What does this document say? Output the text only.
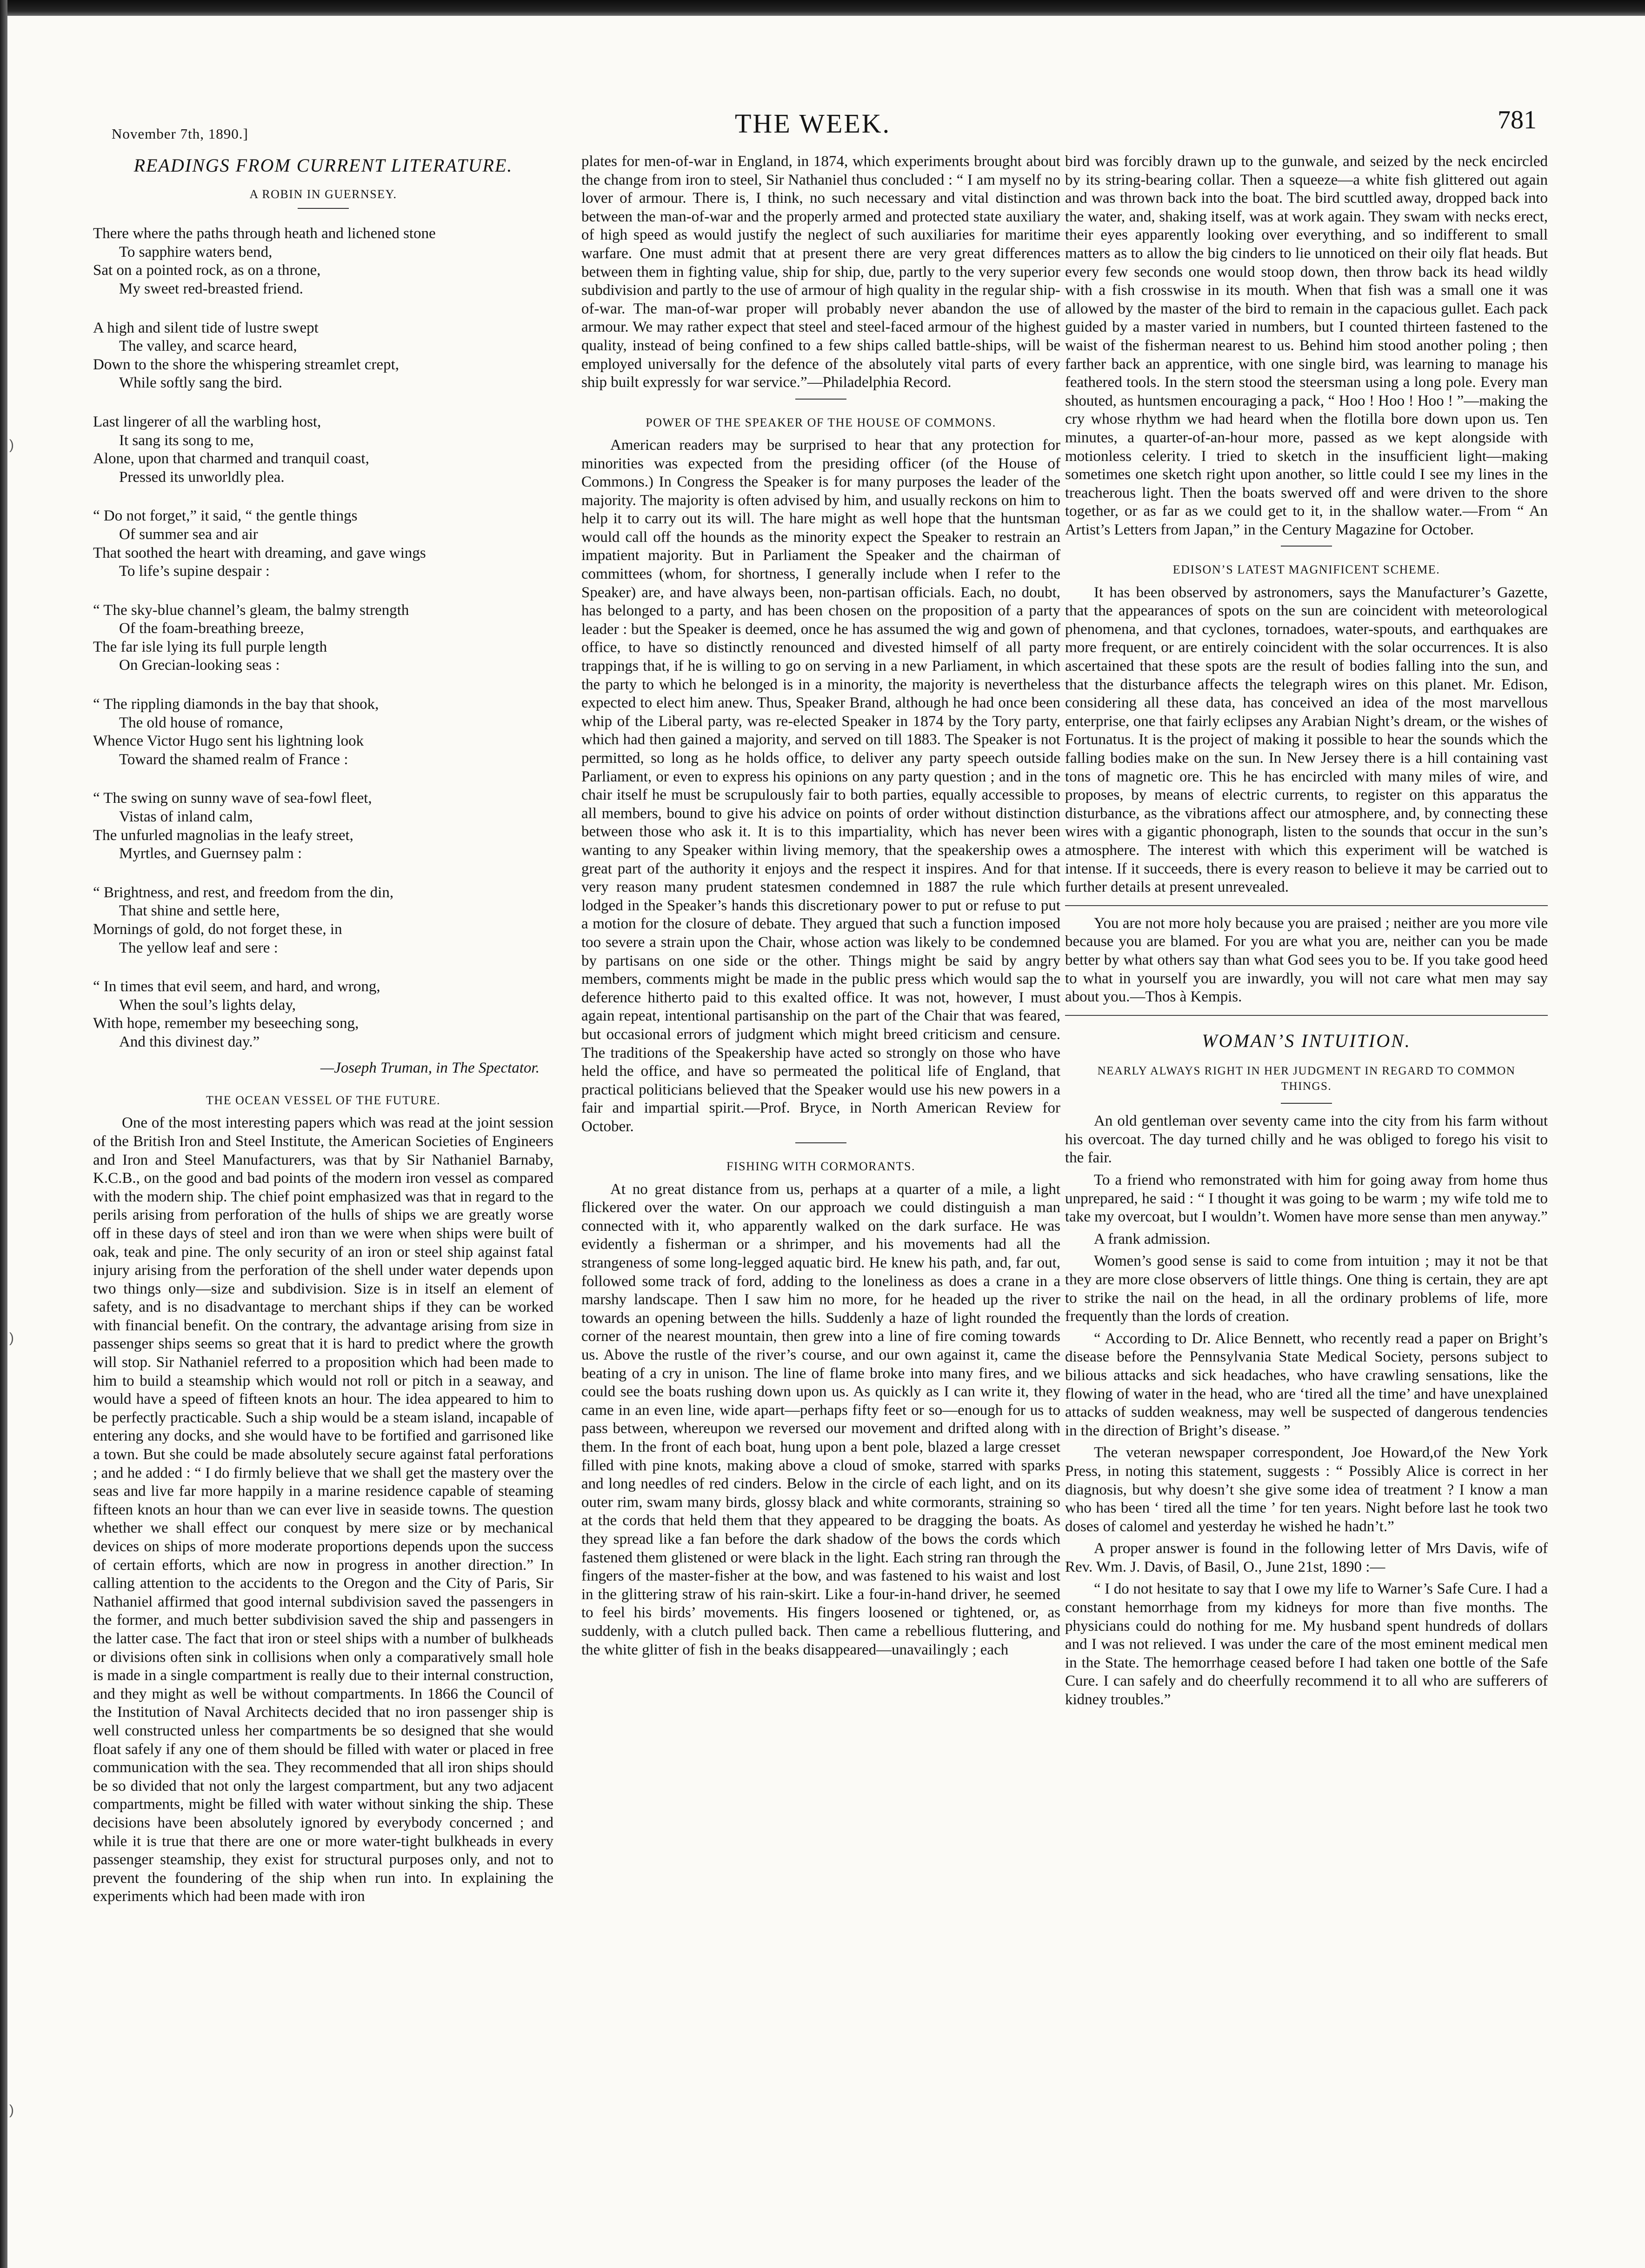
November 7th, 1890.]	THE WEEK.	781
READINGS FROM CURRENT LITERATURE.
A ROBIN IN GUERNSEY.
There where the paths through heath and lichened stone
To sapphire waters bend,
Sat on a pointed rock, as on a throne,
My sweet red-breasted friend.
A high and silent tide of lustre swept
The valley, and scarce heard,
Down to the shore the whispering streamlet crept,
While softly sang the bird.
Last lingerer of all the warbling host,
It sang its song to me,
Alone, upon that charmed and tranquil coast,
Pressed its unworldly plea.
“ Do not forget,” it said, “ the gentle things
Of summer sea and air
That soothed the heart with dreaming, and gave wings
To life’s supine despair :
“ The sky-blue channel’s gleam, the balmy strength
Of the foam-breathing breeze,
The far isle lying its full purple length
On Grecian-looking seas :
“ The rippling diamonds in the bay that shook,
The old house of romance,
Whence Victor Hugo sent his lightning look
Toward the shamed realm of France :
“ The swing on sunny wave of sea-fowl fleet,
Vistas of inland calm,
The unfurled magnolias in the leafy street,
Myrtles, and Guernsey palm :
“ Brightness, and rest, and freedom from the din,
That shine and settle here,
Mornings of gold, do not forget these, in
The yellow leaf and sere :
“ In times that evil seem, and hard, and wrong,
When the soul’s lights delay,
With hope, remember my beseeching song,
And this divinest day.”
—Joseph Truman, in The Spectator.
THE OCEAN VESSEL OF THE FUTURE.

One of the most interesting papers which was read at the joint session of the British Iron and Steel Institute, the American Societies of Engineers and Iron and Steel Manufacturers, was that by Sir Nathaniel Barnaby, K.C.B., on the good and bad points of the modern iron vessel as compared with the modern ship. The chief point emphasized was that in regard to the perils arising from perforation of the hulls of ships we are greatly worse off in these days of steel and iron than we were when ships were built of oak, teak and pine. The only security of an iron or steel ship against fatal injury arising from the perforation of the shell under water depends upon two things only—size and subdivision. Size is in itself an element of safety, and is no disadvantage to merchant ships if they can be worked with financial benefit. On the contrary, the advantage arising from size in passenger ships seems so great that it is hard to predict where the growth will stop. Sir Nathaniel referred to a proposition which had been made to him to build a steamship which would not roll or pitch in a seaway, and would have a speed of fifteen knots an hour. The idea appeared to him to be perfectly practicable. Such a ship would be a steam island, incapable of entering any docks, and she would have to be fortified and garrisoned like a town. But she could be made absolutely secure against fatal perforations ; and he added : “ I do firmly believe that we shall get the mastery over the seas and live far more happily in a marine residence capable of steaming fifteen knots an hour than we can ever live in seaside towns. The question whether we shall effect our conquest by mere size or by mechanical devices on ships of more moderate proportions depends upon the success of certain efforts, which are now in progress in another direction.” In calling attention to the accidents to the Oregon and the City of Paris, Sir Nathaniel affirmed that good internal subdivision saved the passengers in the former, and much better subdivision saved the ship and passengers in the latter case. The fact that iron or steel ships with a number of bulkheads or divisions often sink in collisions when only a comparatively small hole is made in a single compartment is really due to their internal construction, and they might as well be without compartments. In 1866 the Council of the Institution of Naval Architects decided that no iron passenger ship is well constructed unless her compartments be so designed that she would float safely if any one of them should be filled with water or placed in free communication with the sea. They recommended that all iron ships should be so divided that not only the largest compartment, but any two adjacent compartments, might be filled with water without sinking the ship. These decisions have been absolutely ignored by everybody concerned ; and while it is true that there are one or more water-tight bulkheads in every passenger steamship, they exist for structural purposes only, and not to prevent the foundering of the ship when run into. In explaining the experiments which had been made with iron

plates for men-of-war in England, in 1874, which experiments brought about the change from iron to steel, Sir Nathaniel thus concluded : “ I am myself no lover of armour. There is, I think, no such necessary and vital distinction between the man-of-war and the properly armed and protected state auxiliary of high speed as would justify the neglect of such auxiliaries for maritime warfare. One must admit that at present there are very great differences between them in fighting value, ship for ship, due, partly to the very superior subdivision and partly to the use of armour of high quality in the regular ship-of-war. The man-of-war proper will probably never abandon the use of armour. We may rather expect that steel and steel-faced armour of the highest quality, instead of being confined to a few ships called battle-ships, will be employed universally for the defence of the absolutely vital parts of every ship built expressly for war service.”—Philadelphia Record.

POWER OF THE SPEAKER OF THE HOUSE OF COMMONS.

American readers may be surprised to hear that any protection for minorities was expected from the presiding officer (of the House of Commons.) In Congress the Speaker is for many purposes the leader of the majority. The majority is often advised by him, and usually reckons on him to help it to carry out its will. The hare might as well hope that the huntsman would call off the hounds as the minority expect the Speaker to restrain an impatient majority. But in Parliament the Speaker and the chairman of committees (whom, for shortness, I generally include when I refer to the Speaker) are, and have always been, non-partisan officials. Each, no doubt, has belonged to a party, and has been chosen on the proposition of a party leader : but the Speaker is deemed, once he has assumed the wig and gown of office, to have so distinctly renounced and divested himself of all party trappings that, if he is willing to go on serving in a new Parliament, in which the party to which he belonged is in a minority, the majority is nevertheless expected to elect him anew. Thus, Speaker Brand, although he had once been whip of the Liberal party, was re-elected Speaker in 1874 by the Tory party, which had then gained a majority, and served on till 1883. The Speaker is not permitted, so long as he holds office, to deliver any party speech outside Parliament, or even to express his opinions on any party question ; and in the chair itself he must be scrupulously fair to both parties, equally accessible to all members, bound to give his advice on points of order without distinction between those who ask it. It is to this impartiality, which has never been wanting to any Speaker within living memory, that the speakership owes a great part of the authority it enjoys and the respect it inspires. And for that very reason many prudent statesmen condemned in 1887 the rule which lodged in the Speaker’s hands this discretionary power to put or refuse to put a motion for the closure of debate. They argued that such a function imposed too severe a strain upon the Chair, whose action was likely to be condemned by partisans on one side or the other. Things might be said by angry members, comments might be made in the public press which would sap the deference hitherto paid to this exalted office. It was not, however, I must again repeat, intentional partisanship on the part of the Chair that was feared, but occasional errors of judgment which might breed criticism and censure. The traditions of the Speakership have acted so strongly on those who have held the office, and have so permeated the political life of England, that practical politicians believed that the Speaker would use his new powers in a fair and impartial spirit.—Prof. Bryce, in North American Review for October.

FISHING WITH CORMORANTS.

At no great distance from us, perhaps at a quarter of a mile, a light flickered over the water. On our approach we could distinguish a man connected with it, who apparently walked on the dark surface. He was evidently a fisherman or a shrimper, and his movements had all the strangeness of some long-legged aquatic bird. He knew his path, and, far out, followed some track of ford, adding to the loneliness as does a crane in a marshy landscape. Then I saw him no more, for he headed up the river towards an opening between the hills. Suddenly a haze of light rounded the corner of the nearest mountain, then grew into a line of fire coming towards us. Above the rustle of the river’s course, and our own against it, came the beating of a cry in unison. The line of flame broke into many fires, and we could see the boats rushing down upon us. As quickly as I can write it, they came in an even line, wide apart—perhaps fifty feet or so—enough for us to pass between, whereupon we reversed our movement and drifted along with them. In the front of each boat, hung upon a bent pole, blazed a large cresset filled with pine knots, making above a cloud of smoke, starred with sparks and long needles of red cinders. Below in the circle of each light, and on its outer rim, swam many birds, glossy black and white cormorants, straining so at the cords that held them that they appeared to be dragging the boats. As they spread like a fan before the dark shadow of the bows the cords which fastened them glistened or were black in the light. Each string ran through the fingers of the master-fisher at the bow, and was fastened to his waist and lost in the glittering straw of his rain-skirt. Like a four-in-hand driver, he seemed to feel his birds’ movements. His fingers loosened or tightened, or, as suddenly, with a clutch pulled back. Then came a rebellious fluttering, and the white glitter of fish in the beaks disappeared—unavailingly ; each

bird was forcibly drawn up to the gunwale, and seized by the neck encircled by its string-bearing collar. Then a squeeze—a white fish glittered out again and was thrown back into the boat. The bird scuttled away, dropped back into the water, and, shaking itself, was at work again. They swam with necks erect, their eyes apparently looking over everything, and so indifferent to small matters as to allow the big cinders to lie unnoticed on their oily flat heads. But every few seconds one would stoop down, then throw back its head wildly with a fish crosswise in its mouth. When that fish was a small one it was allowed by the master of the bird to remain in the capacious gullet. Each pack guided by a master varied in numbers, but I counted thirteen fastened to the waist of the fisherman nearest to us. Behind him stood another poling ; then farther back an apprentice, with one single bird, was learning to manage his feathered tools. In the stern stood the steersman using a long pole. Every man shouted, as huntsmen encouraging a pack, “ Hoo ! Hoo ! Hoo ! ”—making the cry whose rhythm we had heard when the flotilla bore down upon us. Ten minutes, a quarter-of-an-hour more, passed as we kept alongside with motionless celerity. I tried to sketch in the insufficient light—making sometimes one sketch right upon another, so little could I see my lines in the treacherous light. Then the boats swerved off and were driven to the shore together, or as far as we could get to it, in the shallow water.—From “ An Artist’s Letters from Japan,” in the Century Magazine for October.

EDISON’S LATEST MAGNIFICENT SCHEME.

It has been observed by astronomers, says the Manufacturer’s Gazette, that the appearances of spots on the sun are coincident with meteorological phenomena, and that cyclones, tornadoes, water-spouts, and earthquakes are more frequent, or are entirely coincident with the solar occurrences. It is also ascertained that these spots are the result of bodies falling into the sun, and that the disturbance affects the telegraph wires on this planet. Mr. Edison, considering all these data, has conceived an idea of the most marvellous enterprise, one that fairly eclipses any Arabian Night’s dream, or the wishes of Fortunatus. It is the project of making it possible to hear the sounds which the falling bodies make on the sun. In New Jersey there is a hill containing vast tons of magnetic ore. This he has encircled with many miles of wire, and proposes, by means of electric currents, to register on this apparatus the disturbance, as the vibrations affect our atmosphere, and, by connecting these wires with a gigantic phonograph, listen to the sounds that occur in the sun’s atmosphere. The interest with which this experiment will be watched is intense. If it succeeds, there is every reason to believe it may be carried out to further details at present unrevealed.

You are not more holy because you are praised ; neither are you more vile because you are blamed. For you are what you are, neither can you be made better by what others say than what God sees you to be. If you take good heed to what in yourself you are inwardly, you will not care what men may say about you.—Thos à Kempis.

WOMAN’S INTUITION.
NEARLY ALWAYS RIGHT IN HER JUDGMENT IN REGARD TO COMMON THINGS.

An old gentleman over seventy came into the city from his farm without his overcoat. The day turned chilly and he was obliged to forego his visit to the fair.

To a friend who remonstrated with him for going away from home thus unprepared, he said : “ I thought it was going to be warm ; my wife told me to take my overcoat, but I wouldn’t. Women have more sense than men anyway.”

A frank admission.

Women’s good sense is said to come from intuition ; may it not be that they are more close observers of little things. One thing is certain, they are apt to strike the nail on the head, in all the ordinary problems of life, more frequently than the lords of creation.

“ According to Dr. Alice Bennett, who recently read a paper on Bright’s disease before the Pennsylvania State Medical Society, persons subject to bilious attacks and sick headaches, who have crawling sensations, like the flowing of water in the head, who are ‘tired all the time’ and have unexplained attacks of sudden weakness, may well be suspected of dangerous tendencies in the direction of Bright’s disease. ”

The veteran newspaper correspondent, Joe Howard,of the New York Press, in noting this statement, suggests : “ Possibly Alice is correct in her diagnosis, but why doesn’t she give some idea of treatment ? I know a man who has been ‘ tired all the time ’ for ten years. Night before last he took two doses of calomel and yesterday he wished he hadn’t.”

A proper answer is found in the following letter of Mrs Davis, wife of Rev. Wm. J. Davis, of Basil, O., June 21st, 1890 :—

“ I do not hesitate to say that I owe my life to Warner’s Safe Cure. I had a constant hemorrhage from my kidneys for more than five months. The physicians could do nothing for me. My husband spent hundreds of dollars and I was not relieved. I was under the care of the most eminent medical men in the State. The hemorrhage ceased before I had taken one bottle of the Safe Cure. I can safely and do cheerfully recommend it to all who are sufferers of kidney troubles.”

)
)
)
